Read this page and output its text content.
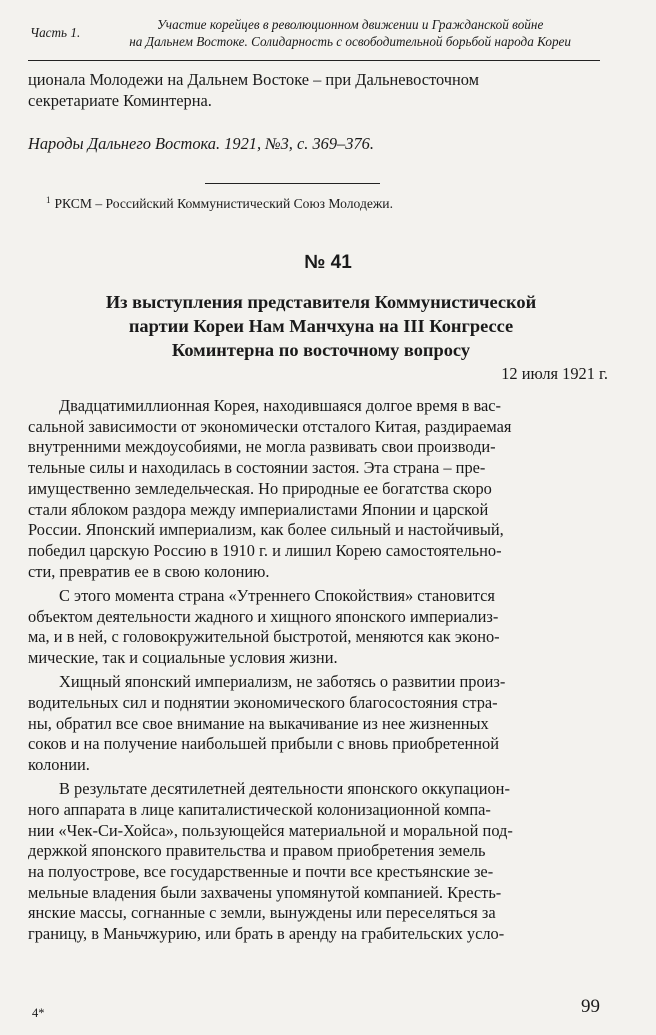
Часть 1.
Участие корейцев в революционном движении и Гражданской войне
на Дальнем Востоке. Солидарность с освободительной борьбой народа Кореи
ционала Молодежи на Дальнем Востоке – при Дальневосточном
секретариате Коминтерна.
Народы Дальнего Востока. 1921, №3, с. 369–376.
$^1$ РКСМ – Российский Коммунистический Союз Молодежи.
№ 41
Из выступления представителя Коммунистической
партии Кореи Нам Манчхуна на III Конгрессе
Коминтерна по восточному вопросу
12 июля 1921 г.
Двадцатимиллионная Корея, находившаяся долгое время в вас-
сальной зависимости от экономически отсталого Китая, раздираемая
внутренними междоусобиями, не могла развивать свои производи-
тельные силы и находилась в состоянии застоя. Эта страна – пре-
имущественно земледельческая. Но природные ее богатства скоро
стали яблоком раздора между империалистами Японии и царской
России. Японский империализм, как более сильный и настойчивый,
победил царскую Россию в 1910 г. и лишил Корею самостоятельно-
сти, превратив ее в свою колонию.
С этого момента страна «Утреннего Спокойствия» становится
объектом деятельности жадного и хищного японского империализ-
ма, и в ней, с головокружительной быстротой, меняются как эконо-
мические, так и социальные условия жизни.
Хищный японский империализм, не заботясь о развитии произ-
водительных сил и поднятии экономического благосостояния стра-
ны, обратил все свое внимание на выкачивание из нее жизненных
соков и на получение наибольшей прибыли с вновь приобретенной
колонии.
В результате десятилетней деятельности японского оккупацион-
ного аппарата в лице капиталистической колонизационной компа-
нии «Чек-Си-Хойса», пользующейся материальной и моральной под-
держкой японского правительства и правом приобретения земель
на полуострове, все государственные и почти все крестьянские зе-
мельные владения были захвачены упомянутой компанией. Кресть-
янские массы, согнанные с земли, вынуждены или переселяться за
границу, в Маньчжурию, или брать в аренду на грабительских усло-
4*	99
